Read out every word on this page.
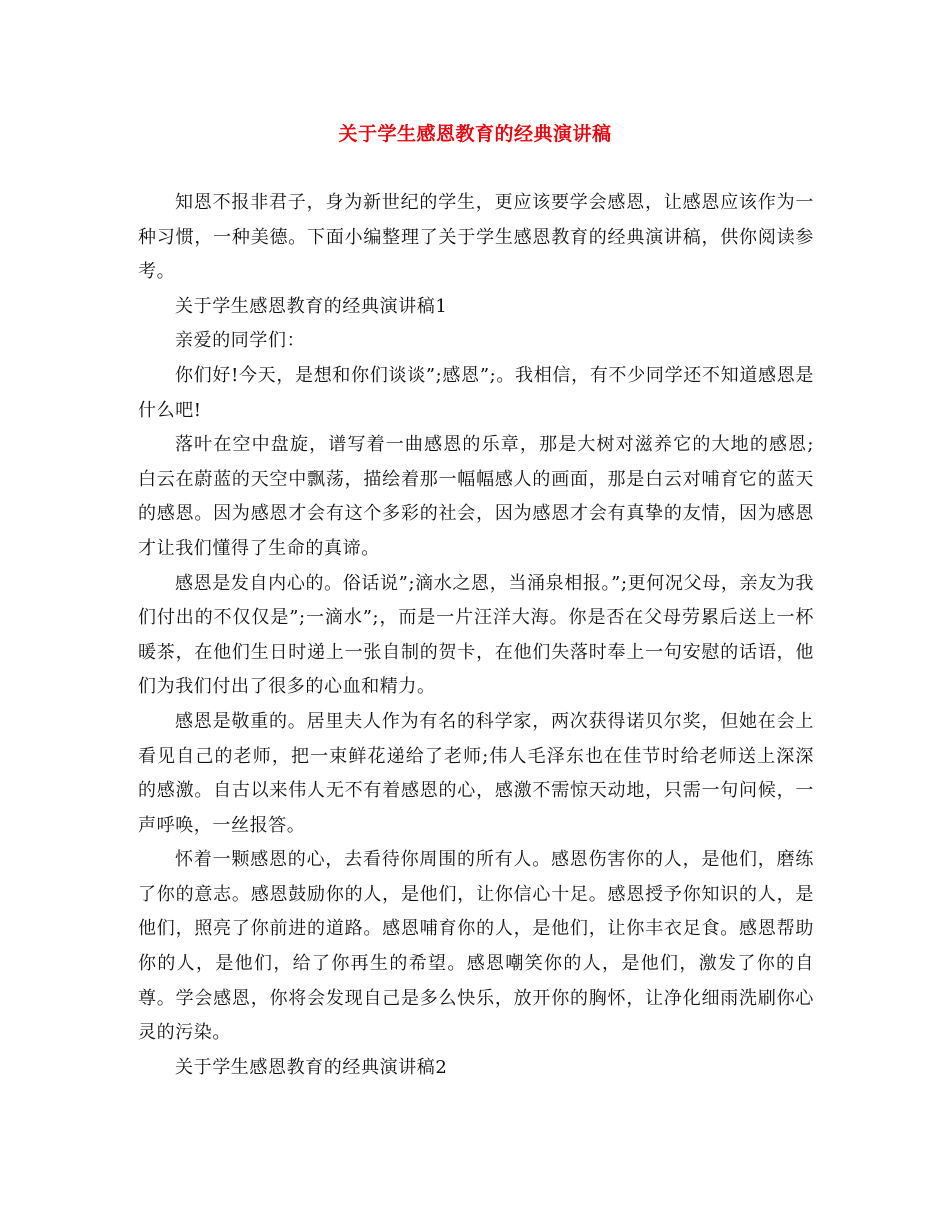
关于学生感恩教育的经典演讲稿

知恩不报非君子，身为新世纪的学生，更应该要学会感恩，让感恩应该作为一种习惯，一种美德。下面小编整理了关于学生感恩教育的经典演讲稿，供你阅读参考。

关于学生感恩教育的经典演讲稿1

亲爱的同学们：

你们好!今天，是想和你们谈谈”;感恩”;。我相信，有不少同学还不知道感恩是什么吧!

落叶在空中盘旋，谱写着一曲感恩的乐章，那是大树对滋养它的大地的感恩;白云在蔚蓝的天空中飘荡，描绘着那一幅幅感人的画面，那是白云对哺育它的蓝天的感恩。因为感恩才会有这个多彩的社会，因为感恩才会有真挚的友情，因为感恩才让我们懂得了生命的真谛。

感恩是发自内心的。俗话说”;滴水之恩，当涌泉相报。”;更何况父母，亲友为我们付出的不仅仅是”;一滴水”;，而是一片汪洋大海。你是否在父母劳累后送上一杯暖茶，在他们生日时递上一张自制的贺卡，在他们失落时奉上一句安慰的话语，他们为我们付出了很多的心血和精力。

感恩是敬重的。居里夫人作为有名的科学家，两次获得诺贝尔奖，但她在会上看见自己的老师，把一束鲜花递给了老师;伟人毛泽东也在佳节时给老师送上深深的感激。自古以来伟人无不有着感恩的心，感激不需惊天动地，只需一句问候，一声呼唤，一丝报答。

怀着一颗感恩的心，去看待你周围的所有人。感恩伤害你的人，是他们，磨练了你的意志。感恩鼓励你的人，是他们，让你信心十足。感恩授予你知识的人，是他们，照亮了你前进的道路。感恩哺育你的人，是他们，让你丰衣足食。感恩帮助你的人，是他们，给了你再生的希望。感恩嘲笑你的人，是他们，激发了你的自尊。学会感恩，你将会发现自己是多么快乐，放开你的胸怀，让净化细雨洗刷你心灵的污染。

关于学生感恩教育的经典演讲稿2
